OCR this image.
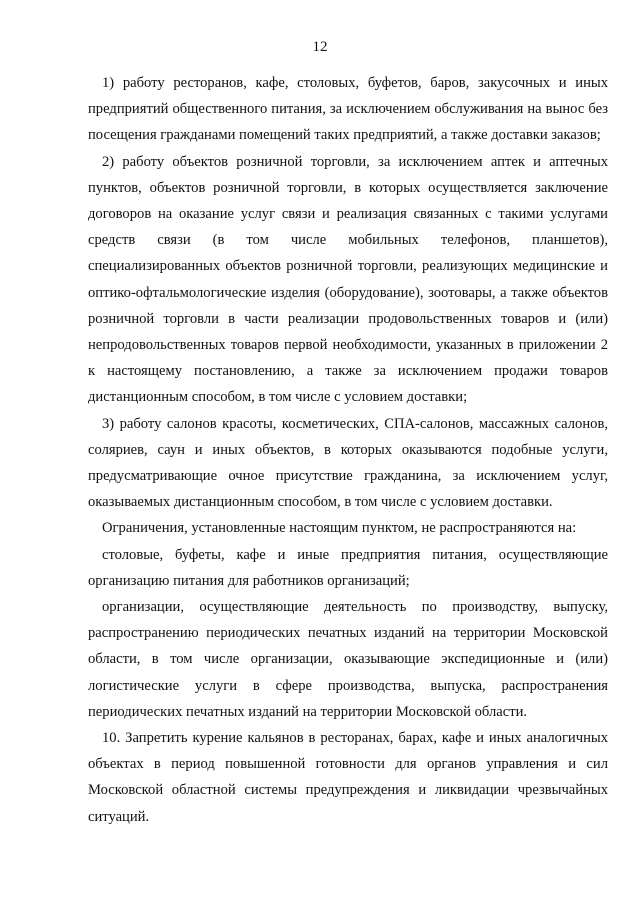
12

1) работу ресторанов, кафе, столовых, буфетов, баров, закусочных и иных предприятий общественного питания, за исключением обслуживания на вынос без посещения гражданами помещений таких предприятий, а также доставки заказов;

2) работу объектов розничной торговли, за исключением аптек и аптечных пунктов, объектов розничной торговли, в которых осуществляется заключение договоров на оказание услуг связи и реализация связанных с такими услугами средств связи (в том числе мобильных телефонов, планшетов), специализированных объектов розничной торговли, реализующих медицинские и оптико-офтальмологические изделия (оборудование), зоотовары, а также объектов розничной торговли в части реализации продовольственных товаров и (или) непродовольственных товаров первой необходимости, указанных в приложении 2 к настоящему постановлению, а также за исключением продажи товаров дистанционным способом, в том числе с условием доставки;

3) работу салонов красоты, косметических, СПА-салонов, массажных салонов, соляриев, саун и иных объектов, в которых оказываются подобные услуги, предусматривающие очное присутствие гражданина, за исключением услуг, оказываемых дистанционным способом, в том числе с условием доставки.

Ограничения, установленные настоящим пунктом, не распространяются на:

столовые, буфеты, кафе и иные предприятия питания, осуществляющие организацию питания для работников организаций;

организации, осуществляющие деятельность по производству, выпуску, распространению периодических печатных изданий на территории Московской области, в том числе организации, оказывающие экспедиционные и (или) логистические услуги в сфере производства, выпуска, распространения периодических печатных изданий на территории Московской области.

10. Запретить курение кальянов в ресторанах, барах, кафе и иных аналогичных объектах в период повышенной готовности для органов управления и сил Московской областной системы предупреждения и ликвидации чрезвычайных ситуаций.
